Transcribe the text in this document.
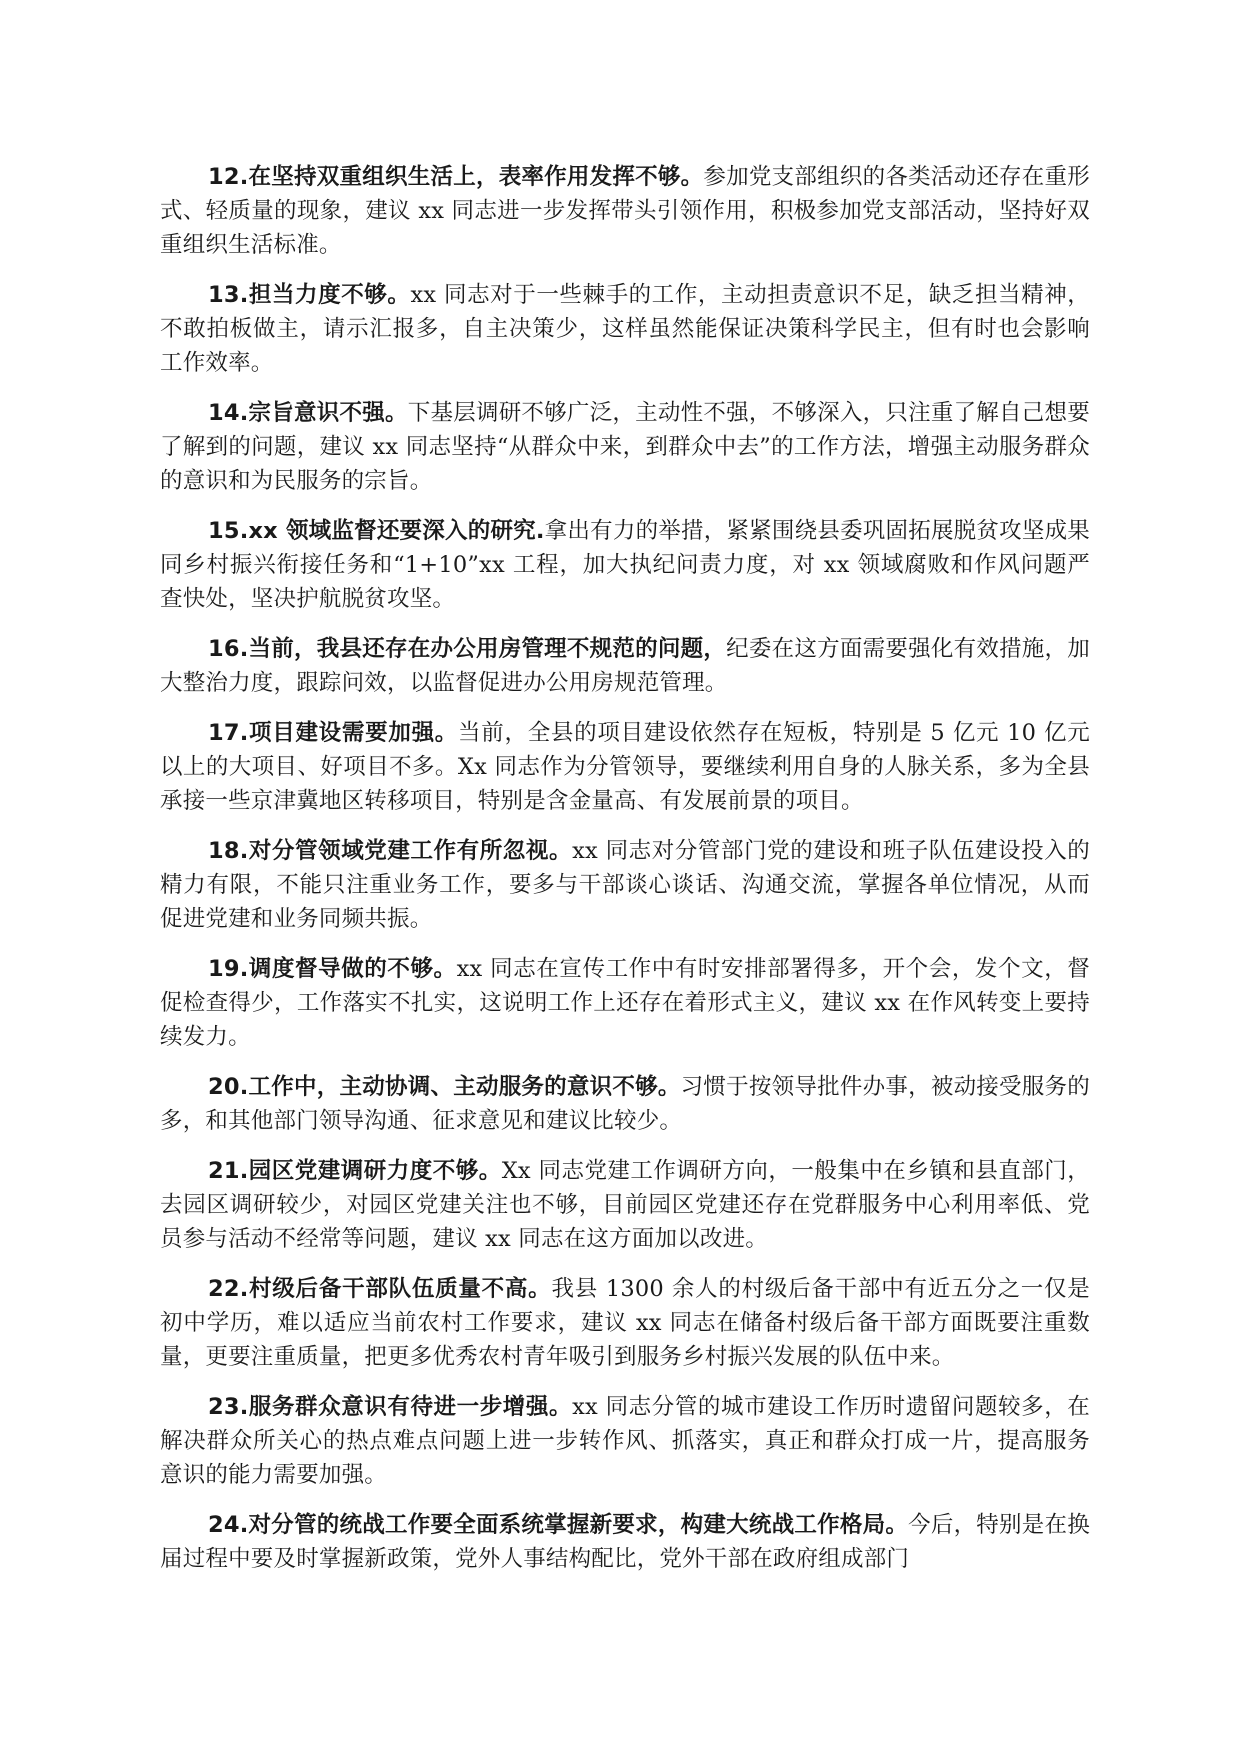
12.在坚持双重组织生活上，表率作用发挥不够。参加党支部组织的各类活动还存在重形式、轻质量的现象，建议 xx 同志进一步发挥带头引领作用，积极参加党支部活动，坚持好双重组织生活标准。

13.担当力度不够。xx 同志对于一些棘手的工作，主动担责意识不足，缺乏担当精神，不敢拍板做主，请示汇报多，自主决策少，这样虽然能保证决策科学民主，但有时也会影响工作效率。

14.宗旨意识不强。下基层调研不够广泛，主动性不强，不够深入，只注重了解自己想要了解到的问题，建议 xx 同志坚持“从群众中来，到群众中去”的工作方法，增强主动服务群众的意识和为民服务的宗旨。

15.xx 领域监督还要深入的研究.拿出有力的举措，紧紧围绕县委巩固拓展脱贫攻坚成果同乡村振兴衔接任务和“1+10”xx 工程，加大执纪问责力度，对 xx 领域腐败和作风问题严查快处，坚决护航脱贫攻坚。

16.当前，我县还存在办公用房管理不规范的问题，纪委在这方面需要强化有效措施，加大整治力度，跟踪问效，以监督促进办公用房规范管理。

17.项目建设需要加强。当前，全县的项目建设依然存在短板，特别是 5 亿元 10 亿元以上的大项目、好项目不多。Xx 同志作为分管领导，要继续利用自身的人脉关系，多为全县承接一些京津冀地区转移项目，特别是含金量高、有发展前景的项目。

18.对分管领域党建工作有所忽视。xx 同志对分管部门党的建设和班子队伍建设投入的精力有限，不能只注重业务工作，要多与干部谈心谈话、沟通交流，掌握各单位情况，从而促进党建和业务同频共振。

19.调度督导做的不够。xx 同志在宣传工作中有时安排部署得多，开个会，发个文，督促检查得少，工作落实不扎实，这说明工作上还存在着形式主义，建议 xx 在作风转变上要持续发力。

20.工作中，主动协调、主动服务的意识不够。习惯于按领导批件办事，被动接受服务的多，和其他部门领导沟通、征求意见和建议比较少。

21.园区党建调研力度不够。Xx 同志党建工作调研方向，一般集中在乡镇和县直部门，去园区调研较少，对园区党建关注也不够，目前园区党建还存在党群服务中心利用率低、党员参与活动不经常等问题，建议 xx 同志在这方面加以改进。

22.村级后备干部队伍质量不高。我县 1300 余人的村级后备干部中有近五分之一仅是初中学历，难以适应当前农村工作要求，建议 xx 同志在储备村级后备干部方面既要注重数量，更要注重质量，把更多优秀农村青年吸引到服务乡村振兴发展的队伍中来。

23.服务群众意识有待进一步增强。xx 同志分管的城市建设工作历时遗留问题较多，在解决群众所关心的热点难点问题上进一步转作风、抓落实，真正和群众打成一片，提高服务意识的能力需要加强。

24.对分管的统战工作要全面系统掌握新要求，构建大统战工作格局。今后，特别是在换届过程中要及时掌握新政策，党外人事结构配比，党外干部在政府组成部门
